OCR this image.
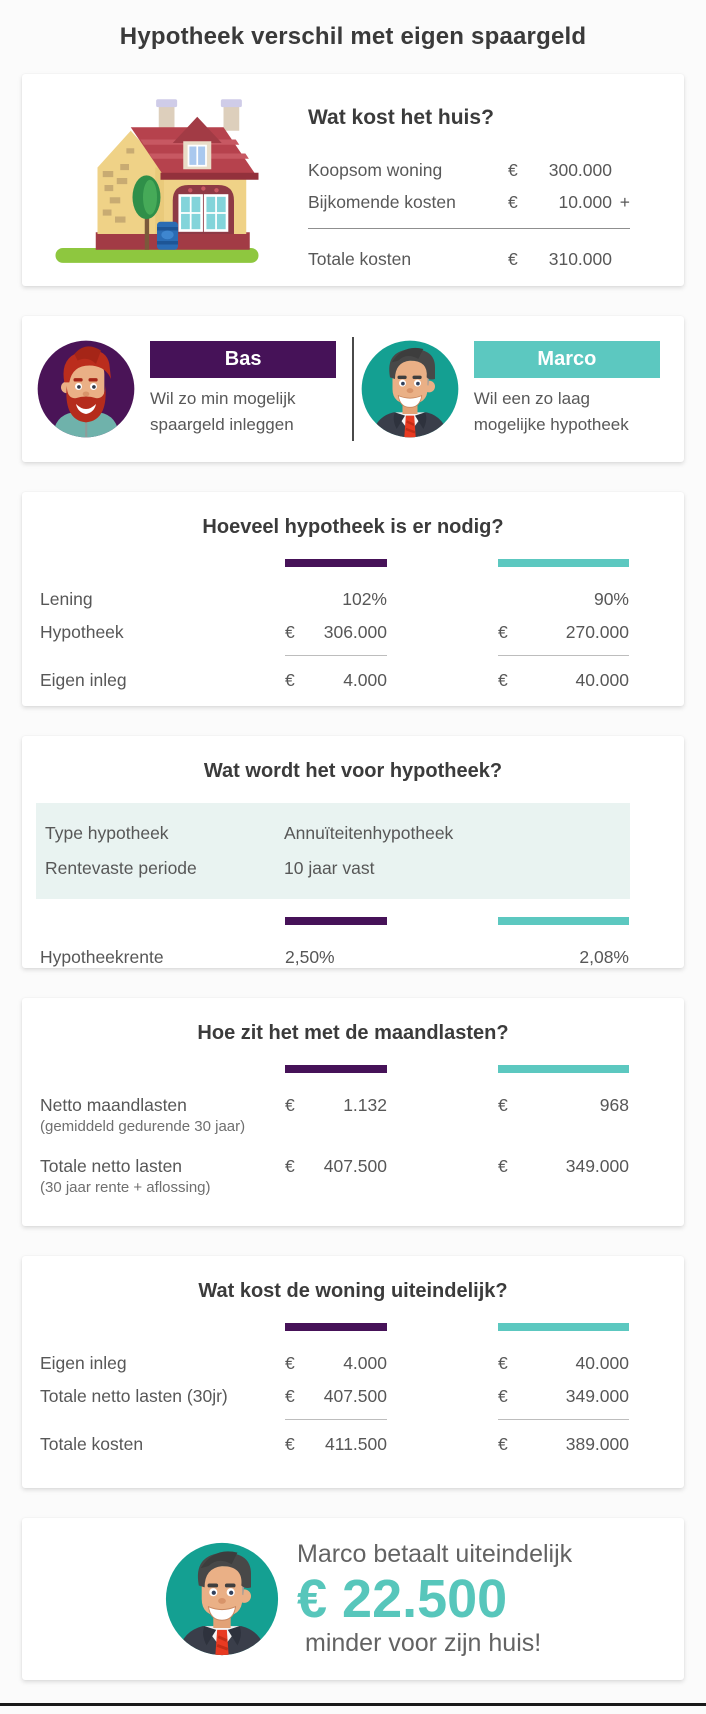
Hypotheek verschil met eigen spaargeld
Wat kost het huis?
Koopsom woning	€	300.000
Bijkomende kosten	€	10.000 +
Totale kosten	€	310.000
Bas
Wil zo min mogelijk spaargeld inleggen
Marco
Wil een zo laag mogelijke hypotheek
Hoeveel hypotheek is er nodig?
Lening	102%	90%
Hypotheek	€ 306.000	€	270.000
Eigen inleg	€	4.000	€	40.000
Wat wordt het voor hypotheek?
Type hypotheek	Annuïteitenhypotheek
Rentevaste periode	10 jaar vast
Hypotheekrente	2,50%	2,08%
Hoe zit het met de maandlasten?
Netto maandlasten	€	1.132	€	968
(gemiddeld gedurende 30 jaar)
Totale netto lasten	€ 407.500	€	349.000
(30 jaar rente + aflossing)
Wat kost de woning uiteindelijk?
Eigen inleg	€	4.000	€	40.000
Totale netto lasten (30jr)	€ 407.500	€	349.000
Totale kosten	€ 411.500	€	389.000
Marco betaalt uiteindelijk
€ 22.500
minder voor zijn huis!
